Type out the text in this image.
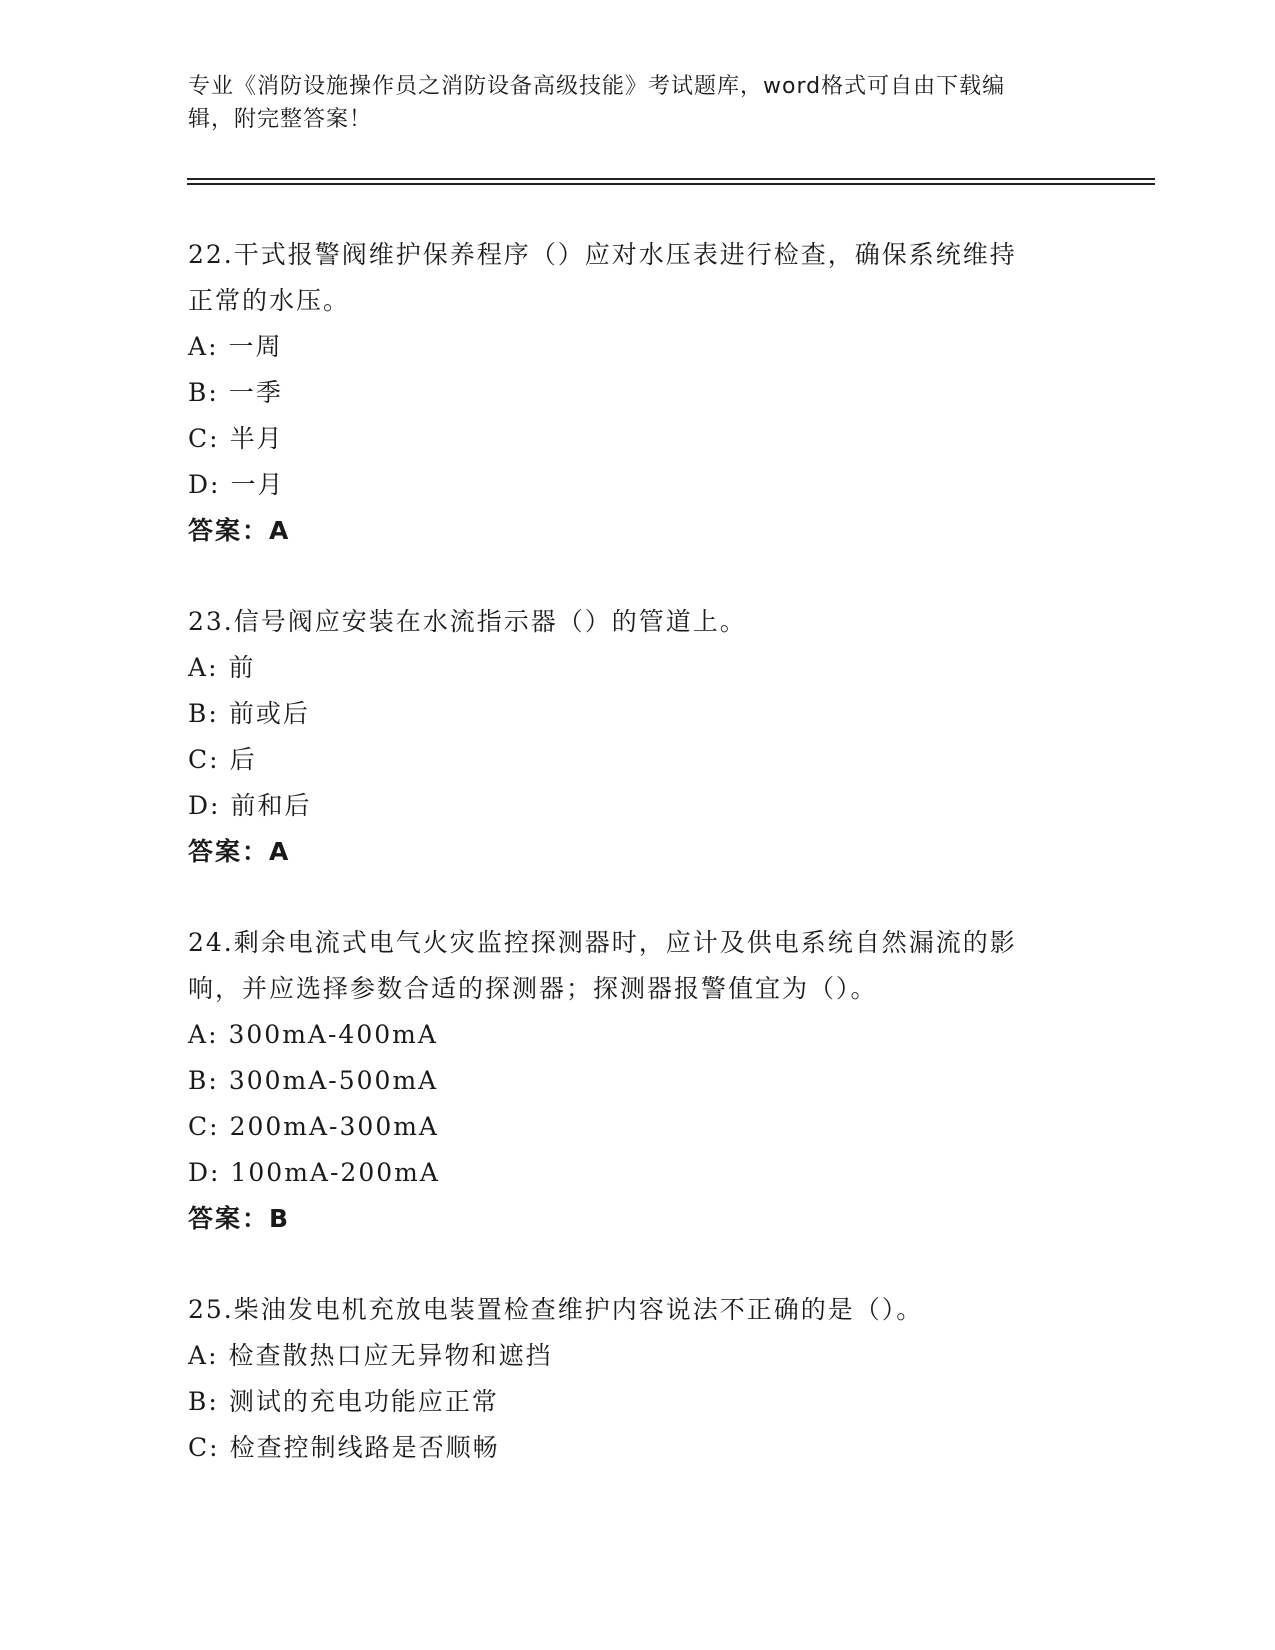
专业《消防设施操作员之消防设备高级技能》考试题库，word格式可自由下载编
辑，附完整答案！
22.干式报警阀维护保养程序（）应对水压表进行检查，确保系统维持
正常的水压。
A: 一周
B: 一季
C: 半月
D: 一月
答案：A
23.信号阀应安装在水流指示器（）的管道上。
A: 前
B: 前或后
C: 后
D: 前和后
答案：A
24.剩余电流式电气火灾监控探测器时，应计及供电系统自然漏流的影
响，并应选择参数合适的探测器；探测器报警值宜为（）。
A: 300mA-400mA
B: 300mA-500mA
C: 200mA-300mA
D: 100mA-200mA
答案：B
25.柴油发电机充放电装置检查维护内容说法不正确的是（）。
A: 检查散热口应无异物和遮挡
B: 测试的充电功能应正常
C: 检查控制线路是否顺畅
